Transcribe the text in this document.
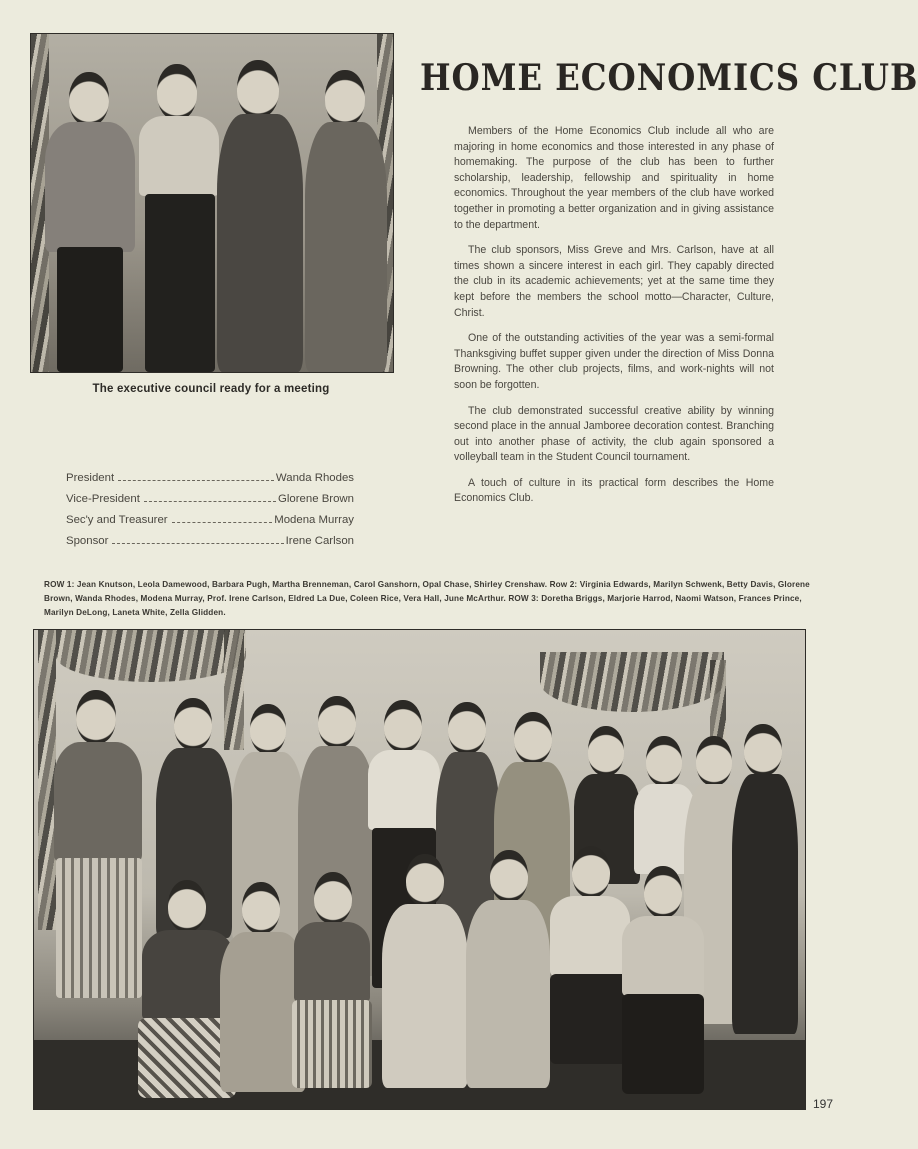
The executive council ready for a meeting
HOME ECONOMICS CLUB

Members of the Home Economics Club include all who are majoring in home economics and those interested in any phase of homemaking. The purpose of the club has been to further scholarship, leadership, fellowship and spirituality in home economics. Throughout the year members of the club have worked together in promoting a better organization and in giving assistance to the department.

The club sponsors, Miss Greve and Mrs. Carlson, have at all times shown a sincere interest in each girl. They capably directed the club in its academic achievements; yet at the same time they kept before the members the school motto—Character, Culture, Christ.

One of the outstanding activities of the year was a semi-formal Thanksgiving buffet supper given under the direction of Miss Donna Browning. The other club projects, films, and work-nights will not soon be forgotten.

The club demonstrated successful creative ability by winning second place in the annual Jamboree decoration contest. Branching out into another phase of activity, the club again sponsored a volleyball team in the Student Council tournament.

A touch of culture in its practical form describes the Home Economics Club.

President	Wanda Rhodes
Vice-President	Glorene Brown
Sec'y and Treasurer	Modena Murray
Sponsor	Irene Carlson
ROW 1: Jean Knutson, Leola Damewood, Barbara Pugh, Martha Brenneman, Carol Ganshorn, Opal Chase, Shirley Crenshaw. Row 2: Virginia Edwards, Marilyn Schwenk, Betty Davis, Glorene Brown, Wanda Rhodes, Modena Murray, Prof. Irene Carlson, Eldred La Due, Coleen Rice, Vera Hall, June McArthur. ROW 3: Doretha Briggs, Marjorie Harrod, Naomi Watson, Frances Prince, Marilyn DeLong, Laneta White, Zella Glidden.
197
